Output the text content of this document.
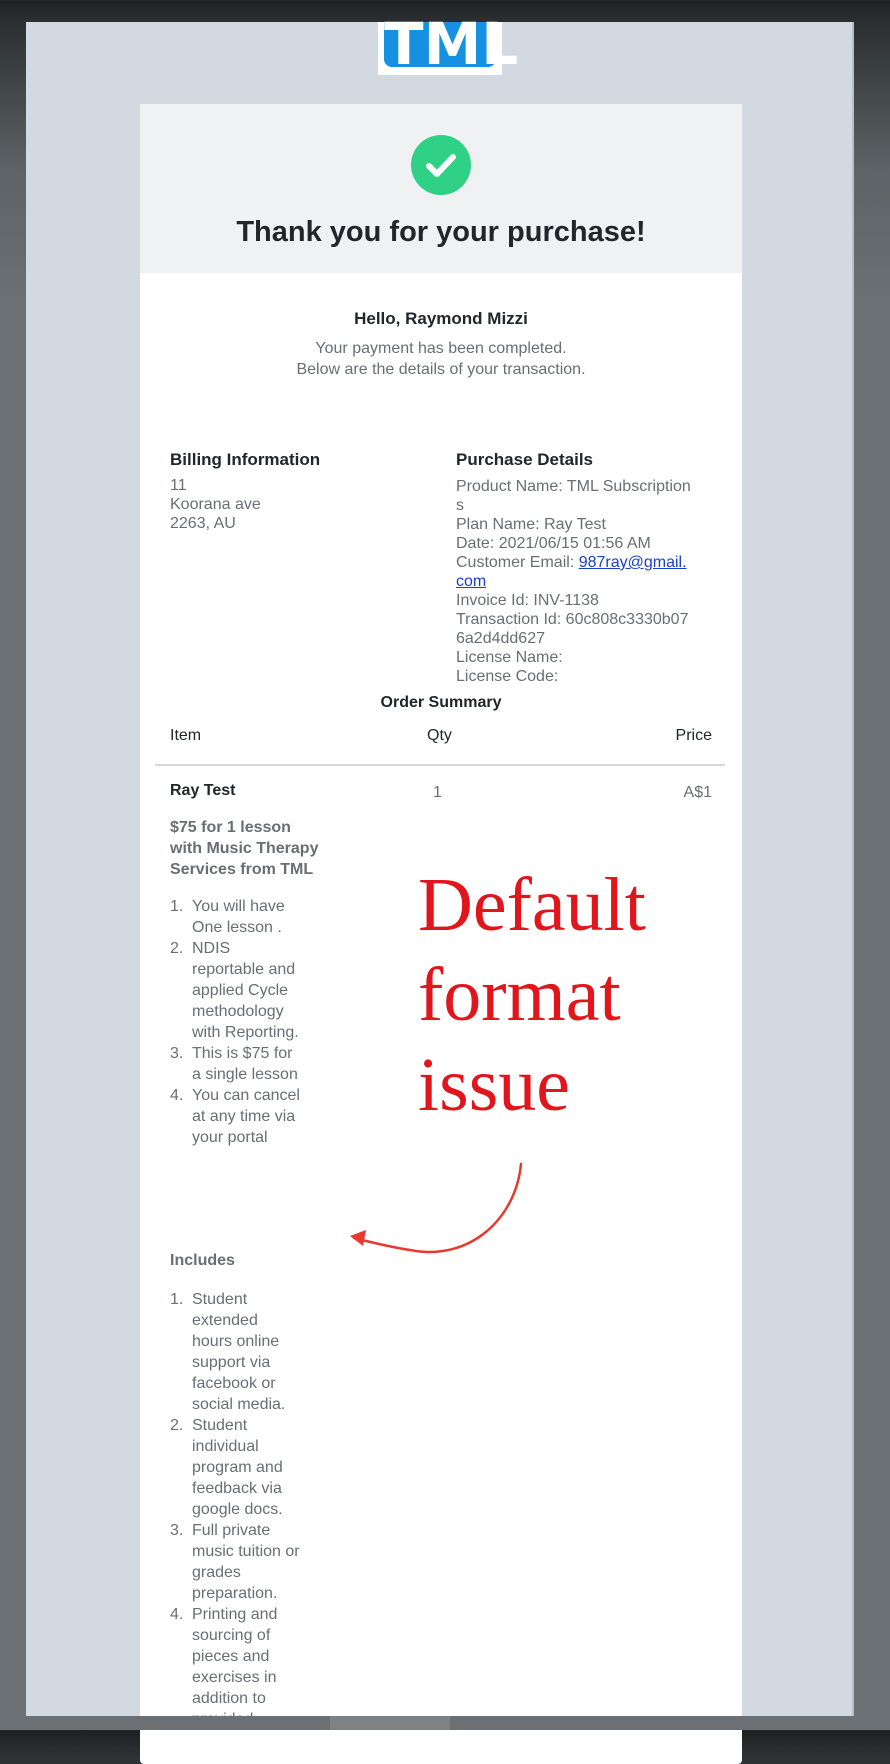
TML
Thank you for your purchase!
Hello, Raymond Mizzi
Your payment has been completed.
Below are the details of your transaction.
Billing Information
11
Koorana ave
2263, AU
Purchase Details
Product Name: TML Subscription
s
Plan Name: Ray Test
Date: 2021/06/15 01:56 AM
Customer Email: 987ray@gmail.
com
Invoice Id: INV-1138
Transaction Id: 60c808c3330b07
6a2d4dd627
License Name:
License Code:
Order Summary
Item	Qty	Price
Ray Test	1	A$1
$75 for 1 lesson
with Music Therapy
Services from TML
1. You will have One lesson .
2. NDIS reportable and applied Cycle methodology with Reporting.
3. This is $75 for a single lesson
4. You can cancel at any time via your portal
Includes
1. Student extended hours online support via facebook or social media.
2. Student individual program and feedback via google docs.
3. Full private music tuition or grades preparation.
4. Printing and sourcing of pieces and exercises in addition to
Default
format
issue
